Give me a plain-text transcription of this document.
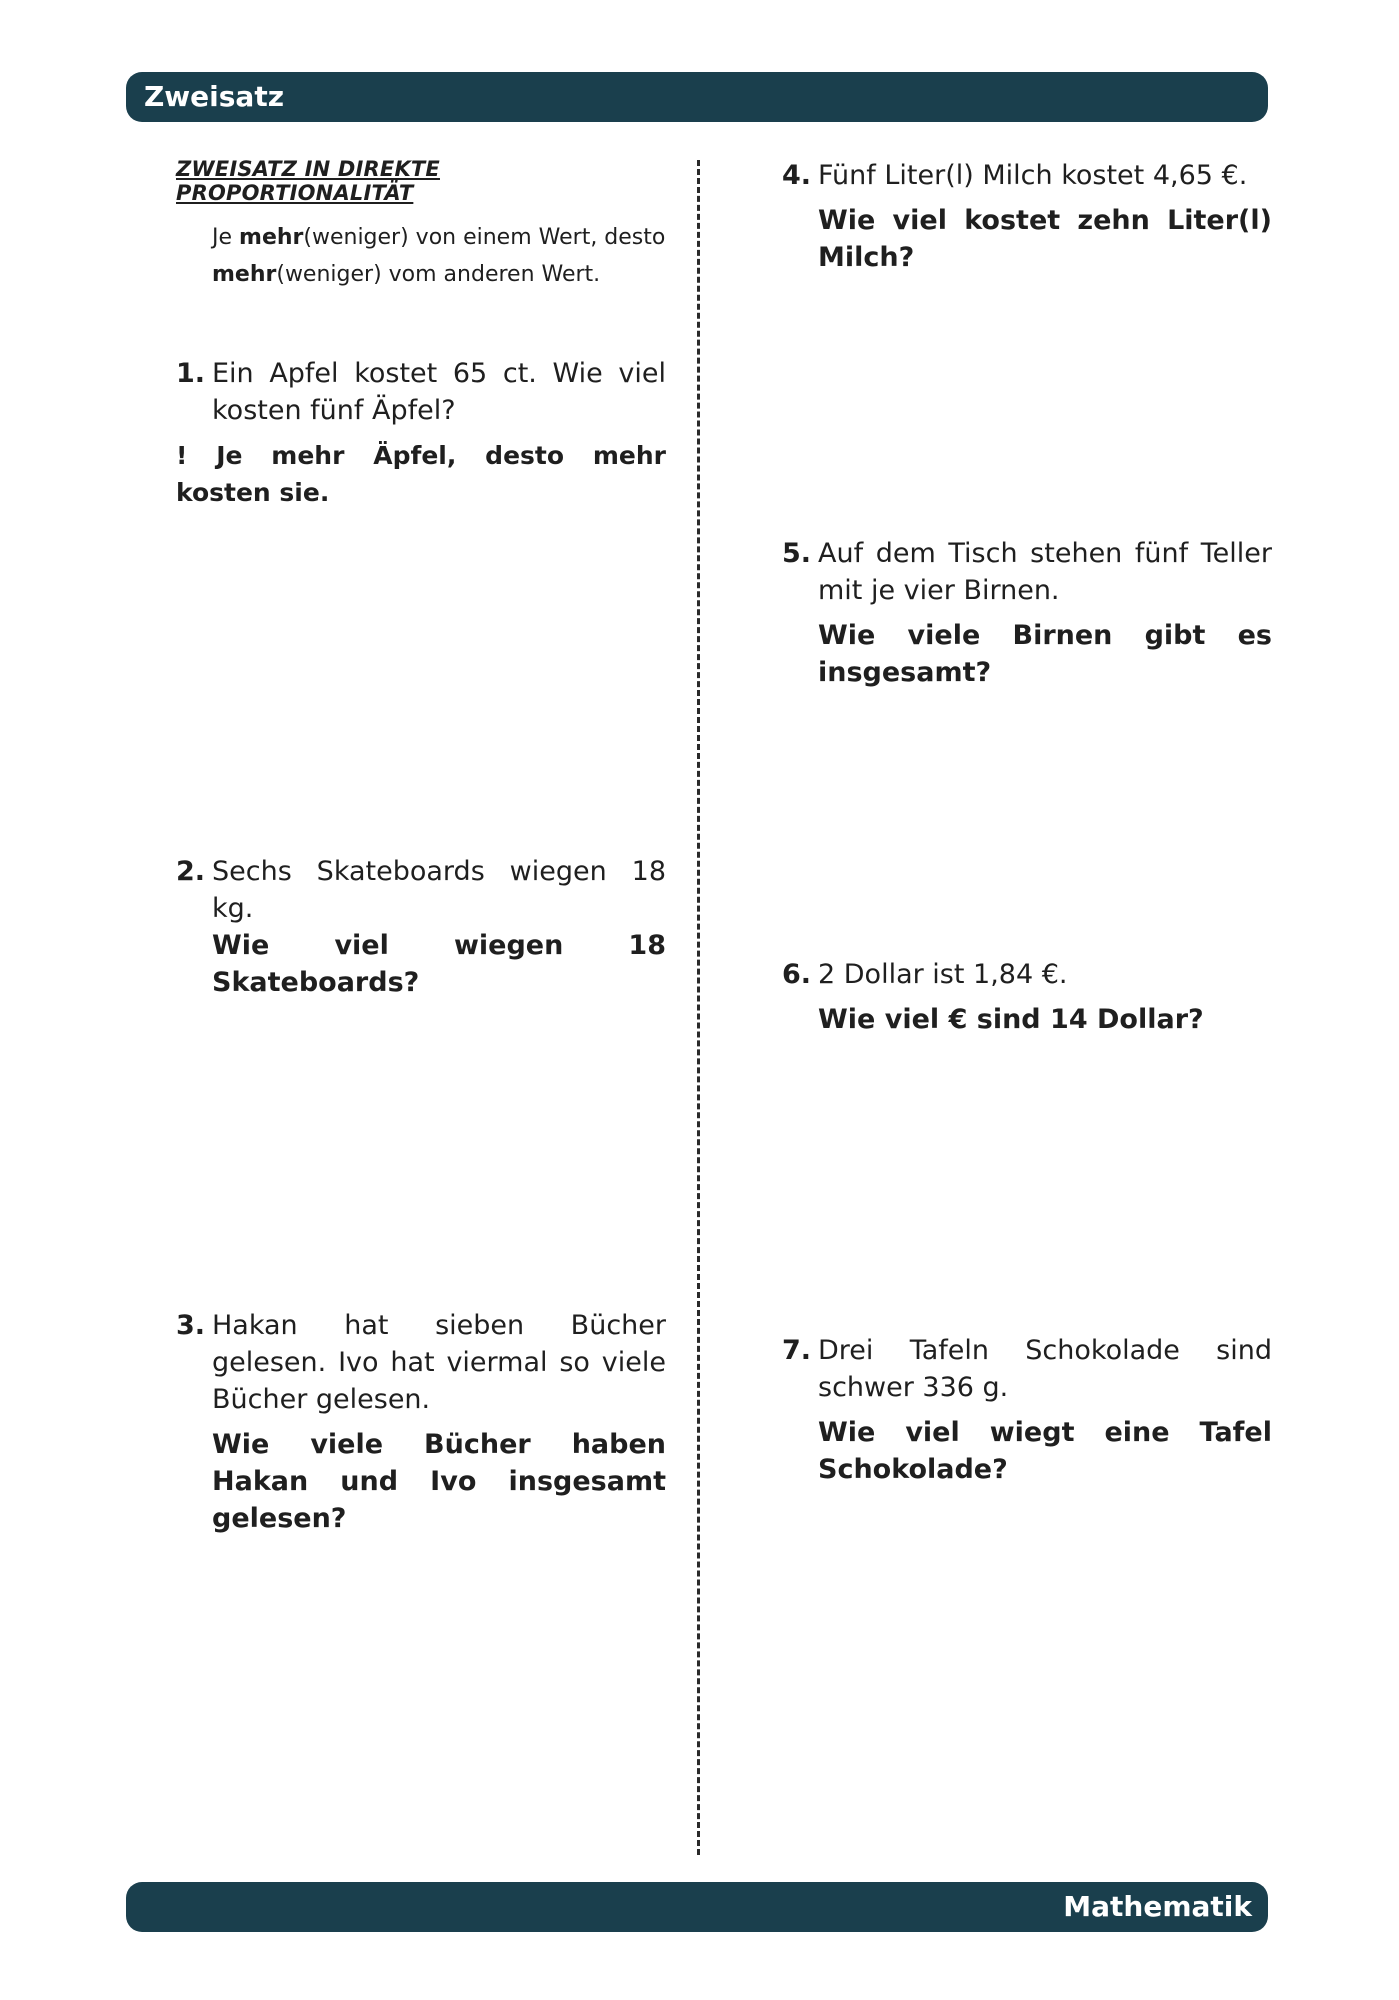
Zweisatz
ZWEISATZ IN DIREKTE PROPORTIONALITÄT
Je mehr(weniger) von einem Wert, desto
mehr(weniger) vom anderen Wert.
1. Ein Apfel kostet 65 ct. Wie viel kosten fünf Äpfel?
! Je mehr Äpfel, desto mehr kosten sie.
2. Sechs Skateboards wiegen 18 kg.
Wie viel wiegen 18 Skateboards?
3. Hakan hat sieben Bücher gelesen. Ivo hat viermal so viele Bücher gelesen.
Wie viele Bücher haben Hakan und Ivo insgesamt gelesen?
4. Fünf Liter(l) Milch kostet 4,65 €.
Wie viel kostet zehn Liter(l) Milch?
5. Auf dem Tisch stehen fünf Teller mit je vier Birnen.
Wie viele Birnen gibt es insgesamt?
6. 2 Dollar ist 1,84 €.
Wie viel € sind 14 Dollar?
7. Drei Tafeln Schokolade sind schwer 336 g.
Wie viel wiegt eine Tafel Schokolade?
Mathematik
